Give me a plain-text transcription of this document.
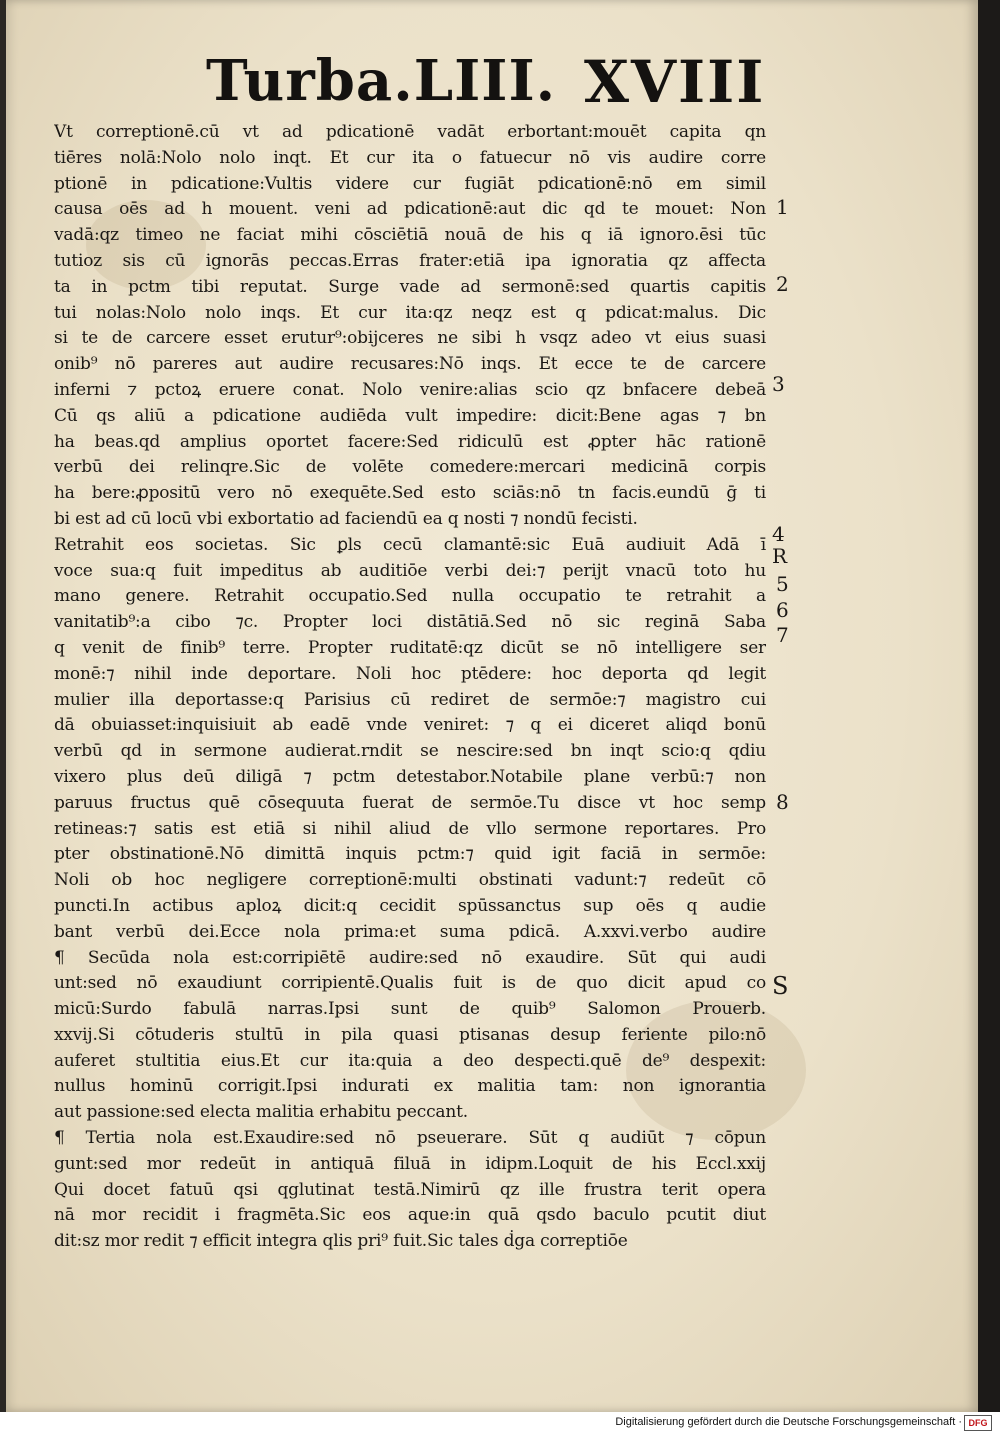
Turba.LIII. XVIII
Vt correptionē.cū vt ad pdicationē vadāt erbortant:mouēt capita qn
tiēres nolā:Nolo nolo inqt. Et cur ita o fatuecur nō vis audire corre
ptionē in pdicatione:Vultis videre cur fugiāt pdicationē:nō em simil
causa oēs ad h mouent. veni ad pdicationē:aut dic qd te mouet: Non
vadā:qz timeo ne faciat mihi cōsciētiā nouā de his q iā ignoro.ēsi tūc
tutioz sis cū ignorās peccas.Erras frater:etiā ipa ignoratia qz affecta
ta in pctm tibi reputat. Surge vade ad sermonē:sed quartis capitis
tui nolas:Nolo nolo inqs. Et cur ita:qz neqz est q pdicat:malus. Dic
si te de carcere esset erutur⁹:obijceres ne sibi h vsqz adeo vt eius suasi
onib⁹ nō pareres aut audire recusares:Nō inqs. Et ecce te de carcere
inferni ⁊ pctoꝝ eruere conat. Nolo venire:alias scio qz bnfacere debeā
Cū qs aliū a pdicatione audiēda vult impedire: dicit:Bene agas ⁊ bn
ha beas.qd amplius oportet facere:Sed ridiculū est ꝓpter hāc rationē
verbū dei relinqre.Sic de volēte comedere:mercari medicinā corpis
ha bere:ꝓpositū vero nō exequēte.Sed esto sciās:nō tn facis.eundū ḡ ti
bi est ad cū locū vbi exbortatio ad faciendū ea q nosti ⁊ nondū fecisti.
Retrahit eos societas. Sic ꝑls cecū clamantē:sic Euā audiuit Adā ī
voce sua:q fuit impeditus ab auditiōe verbi dei:⁊ perijt vnacū toto hu
mano genere. Retrahit occupatio.Sed nulla occupatio te retrahit a
vanitatib⁹:a cibo ⁊c. Propter loci distātiā.Sed nō sic reginā Saba
q venit de finib⁹ terre. Propter ruditatē:qz dicūt se nō intelligere ser
monē:⁊ nihil inde deportare. Noli hoc ptēdere: hoc deporta qd legit
mulier illa deportasse:q Parisius cū rediret de sermōe:⁊ magistro cui
dā obuiasset:inquisiuit ab eadē vnde veniret: ⁊ q ei diceret aliqd bonū
verbū qd in sermone audierat.rndit se nescire:sed bn inqt scio:q qdiu
vixero plus deū diligā ⁊ pctm detestabor.Notabile plane verbū:⁊ non
paruus fructus quē cōsequuta fuerat de sermōe.Tu disce vt hoc semp
retineas:⁊ satis est etiā si nihil aliud de vllo sermone reportares. Pro
pter obstinationē.Nō dimittā inquis pctm:⁊ quid igit faciā in sermōe:
Noli ob hoc negligere correptionē:multi obstinati vadunt:⁊ redeūt cō
puncti.In actibus aploꝝ dicit:q cecidit spūssanctus sup oēs q audie
bant verbū dei.Ecce nola prima:et suma pdicā. A.xxvi.verbo audire
¶ Secūda nola est:corripiētē audire:sed nō exaudire. Sūt qui audi
unt:sed nō exaudiunt corripientē.Qualis fuit is de quo dicit apud co
micū:Surdo fabulā narras.Ipsi sunt de quib⁹ Salomon Prouerb.
xxvij.Si cōtuderis stultū in pila quasi ptisanas desup feriente pilo:nō
auferet stultitia eius.Et cur ita:quia a deo despecti.quē de⁹ despexit:
nullus hominū corrigit.Ipsi indurati ex malitia tam: non ignorantia
aut passione:sed electa malitia erhabitu peccant.
¶ Tertia nola est.Exaudire:sed nō pseuerare. Sūt q audiūt ⁊ cōpun
gunt:sed mor redeūt in antiquā filuā in idipm.Loquit de his Eccl.xxij
Qui docet fatuū qsi qglutinat testā.Nimirū qz ille frustra terit opera
nā mor recidit i fragmēta.Sic eos aque:in quā qsdo baculo pcutit diut
dit:sz mor redit ⁊ efficit integra qlis pri⁹ fuit.Sic tales ḋga correptiōe
1
2
3
4
R
5
6
7
8
S
Digitalisierung gefördert durch die Deutsche Forschungsgemeinschaft · DFG
